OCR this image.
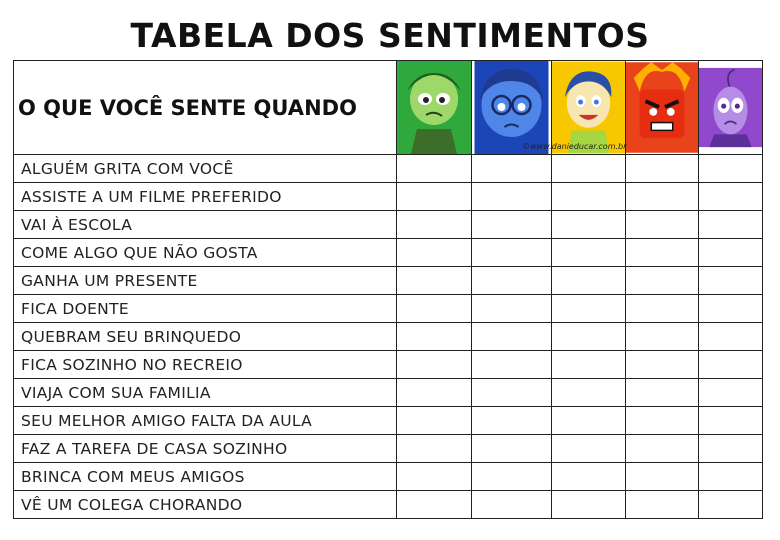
TABELA DOS SENTIMENTOS
O QUE VOCÊ SENTE QUANDO	

ALGUÉM GRITA COM VOCÊ					
ASSISTE A UM FILME PREFERIDO					
VAI À ESCOLA					
COME ALGO QUE NÃO GOSTA					
GANHA UM PRESENTE					
FICA DOENTE					
QUEBRAM SEU BRINQUEDO					
FICA SOZINHO NO RECREIO					
VIAJA COM SUA FAMILIA					
SEU MELHOR AMIGO FALTA DA AULA					
FAZ A TAREFA DE CASA SOZINHO					
BRINCA COM MEUS AMIGOS					
VÊ UM COLEGA CHORANDO					
©www.danieducar.com.br
